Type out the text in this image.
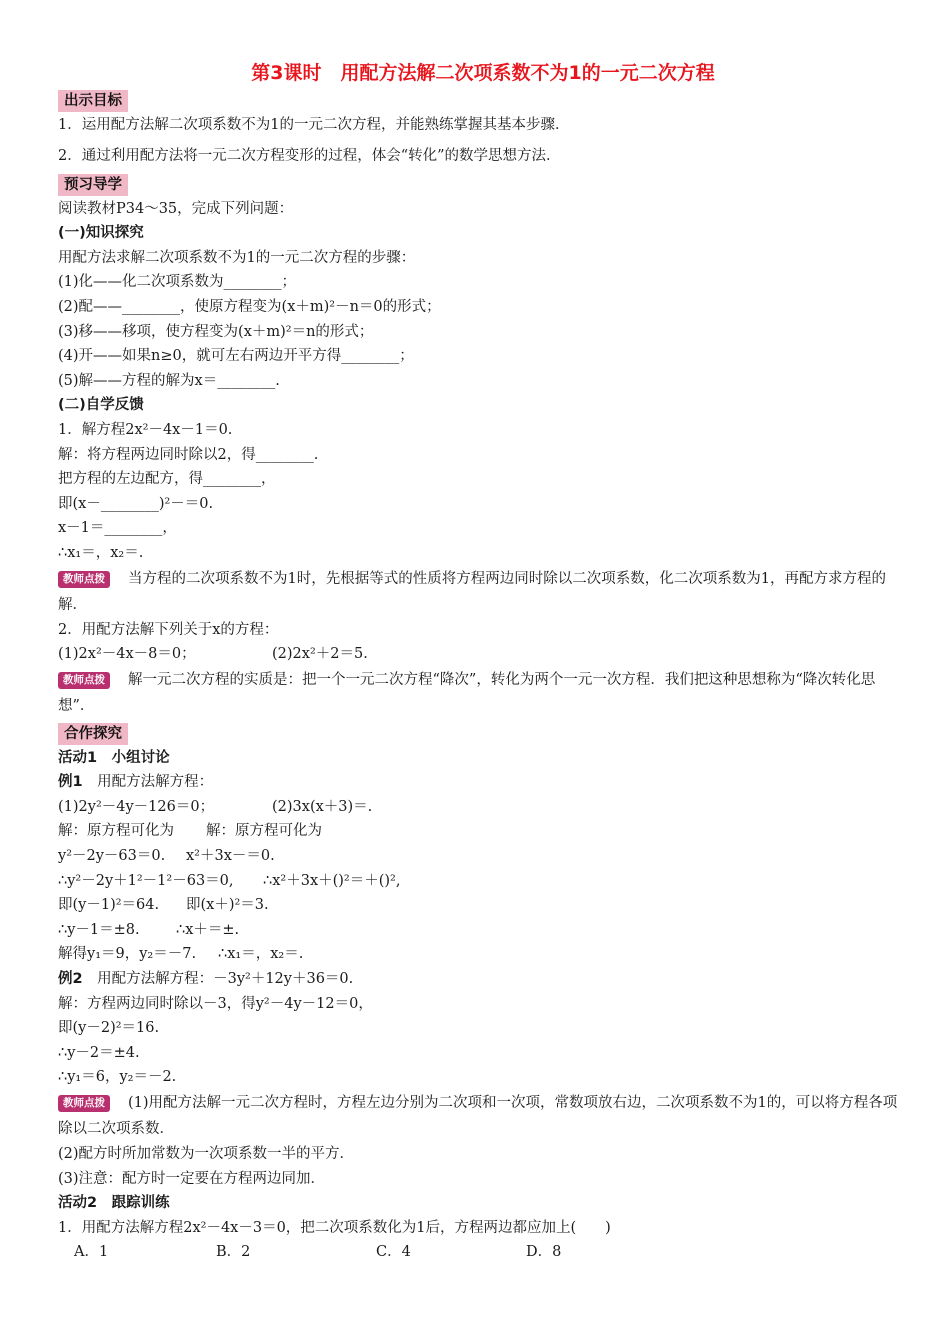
第3课时　用配方法解二次项系数不为1的一元二次方程
出示目标
1．运用配方法解二次项系数不为1的一元二次方程，并能熟练掌握其基本步骤．
2．通过利用配方法将一元二次方程变形的过程，体会“转化”的数学思想方法．
预习导学
阅读教材P34～35，完成下列问题：
(一)知识探究
用配方法求解二次项系数不为1的一元二次方程的步骤：
(1)化——化二次项系数为________；
(2)配——________，使原方程变为(x＋m)²－n＝0的形式；
(3)移——移项，使方程变为(x＋m)²＝n的形式；
(4)开——如果n≥0，就可左右两边开平方得________；
(5)解——方程的解为x＝________.
(二)自学反馈
1．解方程2x²－4x－1＝0.
解：将方程两边同时除以2，得________.
把方程的左边配方，得________，
即(x－________)²－＝0.
x－1＝________，
∴x₁＝，x₂＝.
教师点拨 当方程的二次项系数不为1时，先根据等式的性质将方程两边同时除以二次项系数，化二次项系数为1，再配方求方程的解．
2．用配方法解下列关于x的方程：
(1)2x²－4x－8＝0；	(2)2x²＋2＝5.
教师点拨 解一元二次方程的实质是：把一个一元二次方程“降次”，转化为两个一元一次方程．我们把这种思想称为“降次转化思想”．
合作探究
活动1　小组讨论
例1　用配方法解方程：
(1)2y²－4y－126＝0；	(2)3x(x＋3)＝.
解：原方程可化为 解：原方程可化为
y²－2y－63＝0. x²＋3x－＝0.
∴y²－2y＋1²－1²－63＝0, ∴x²＋3x＋()²＝＋()²,
即(y－1)²＝64. 即(x＋)²＝3.
∴y－1＝±8.	∴x＋＝±.
解得y₁＝9，y₂＝－7. ∴x₁＝，x₂＝.
例2　用配方法解方程：－3y²＋12y＋36＝0.
解：方程两边同时除以－3，得y²－4y－12＝0，
即(y－2)²＝16.
∴y－2＝±4.
∴y₁＝6，y₂＝－2.
教师点拨 (1)用配方法解一元二次方程时，方程左边分别为二次项和一次项，常数项放右边，二次项系数不为1的，可以将方程各项除以二次项系数．
(2)配方时所加常数为一次项系数一半的平方．
(3)注意：配方时一定要在方程两边同加．
活动2　跟踪训练
1．用配方法解方程2x²－4x－3＝0，把二次项系数化为1后，方程两边都应加上(　　)
A．1	B．2	C．4	D．8
